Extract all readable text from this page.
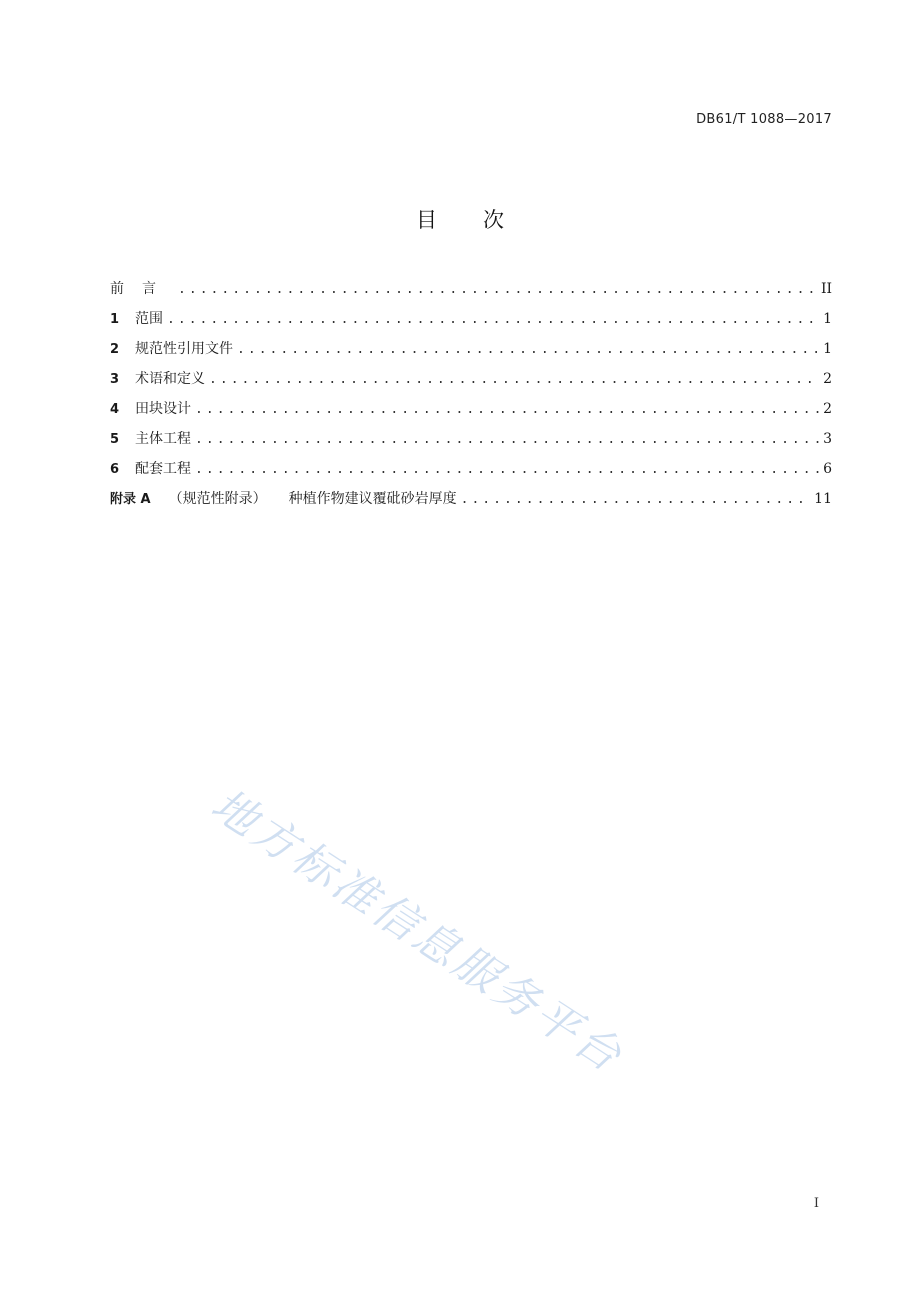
DB61/T 1088—2017
目次
前言 . . .	II
1	范围 . . .	1
2	规范性引用文件 . . .	1
3	术语和定义 . . .	2
4	田块设计 . . .	2
5	主体工程 . . .	3
6	配套工程 . . .	6
附录 A （规范性附录） 种植作物建议覆砒砂岩厚度 . . .	11
地方标准信息服务平台
I
